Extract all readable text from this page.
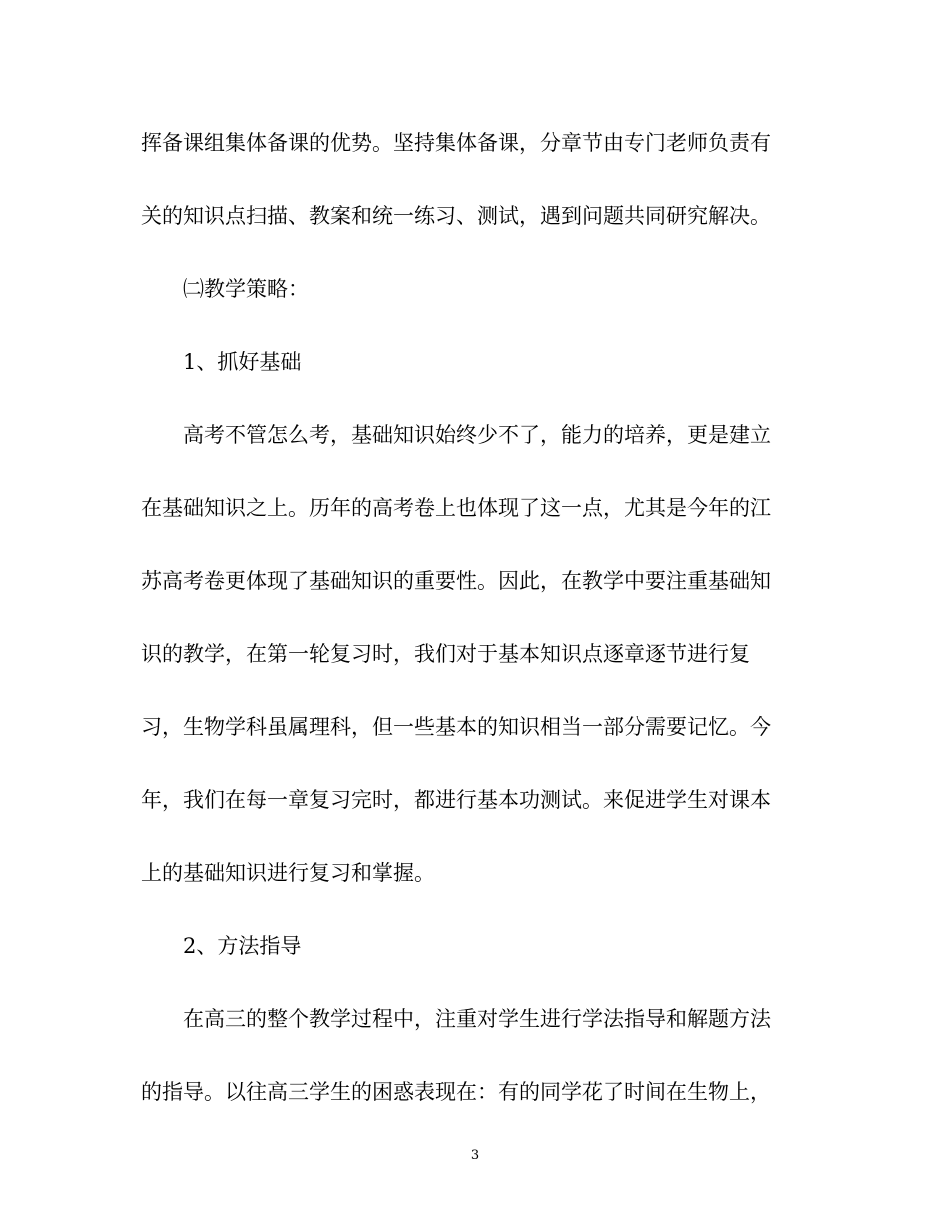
挥备课组集体备课的优势。坚持集体备课，分章节由专门老师负责有
关的知识点扫描、教案和统一练习、测试，遇到问题共同研究解决。
㈡教学策略：
1、抓好基础
高考不管怎么考，基础知识始终少不了，能力的培养，更是建立
在基础知识之上。历年的高考卷上也体现了这一点，尤其是今年的江
苏高考卷更体现了基础知识的重要性。因此，在教学中要注重基础知
识的教学，在第一轮复习时，我们对于基本知识点逐章逐节进行复
习，生物学科虽属理科，但一些基本的知识相当一部分需要记忆。今
年，我们在每一章复习完时，都进行基本功测试。来促进学生对课本
上的基础知识进行复习和掌握。
2、方法指导
在高三的整个教学过程中，注重对学生进行学法指导和解题方法
的指导。以往高三学生的困惑表现在：有的同学花了时间在生物上，
3
